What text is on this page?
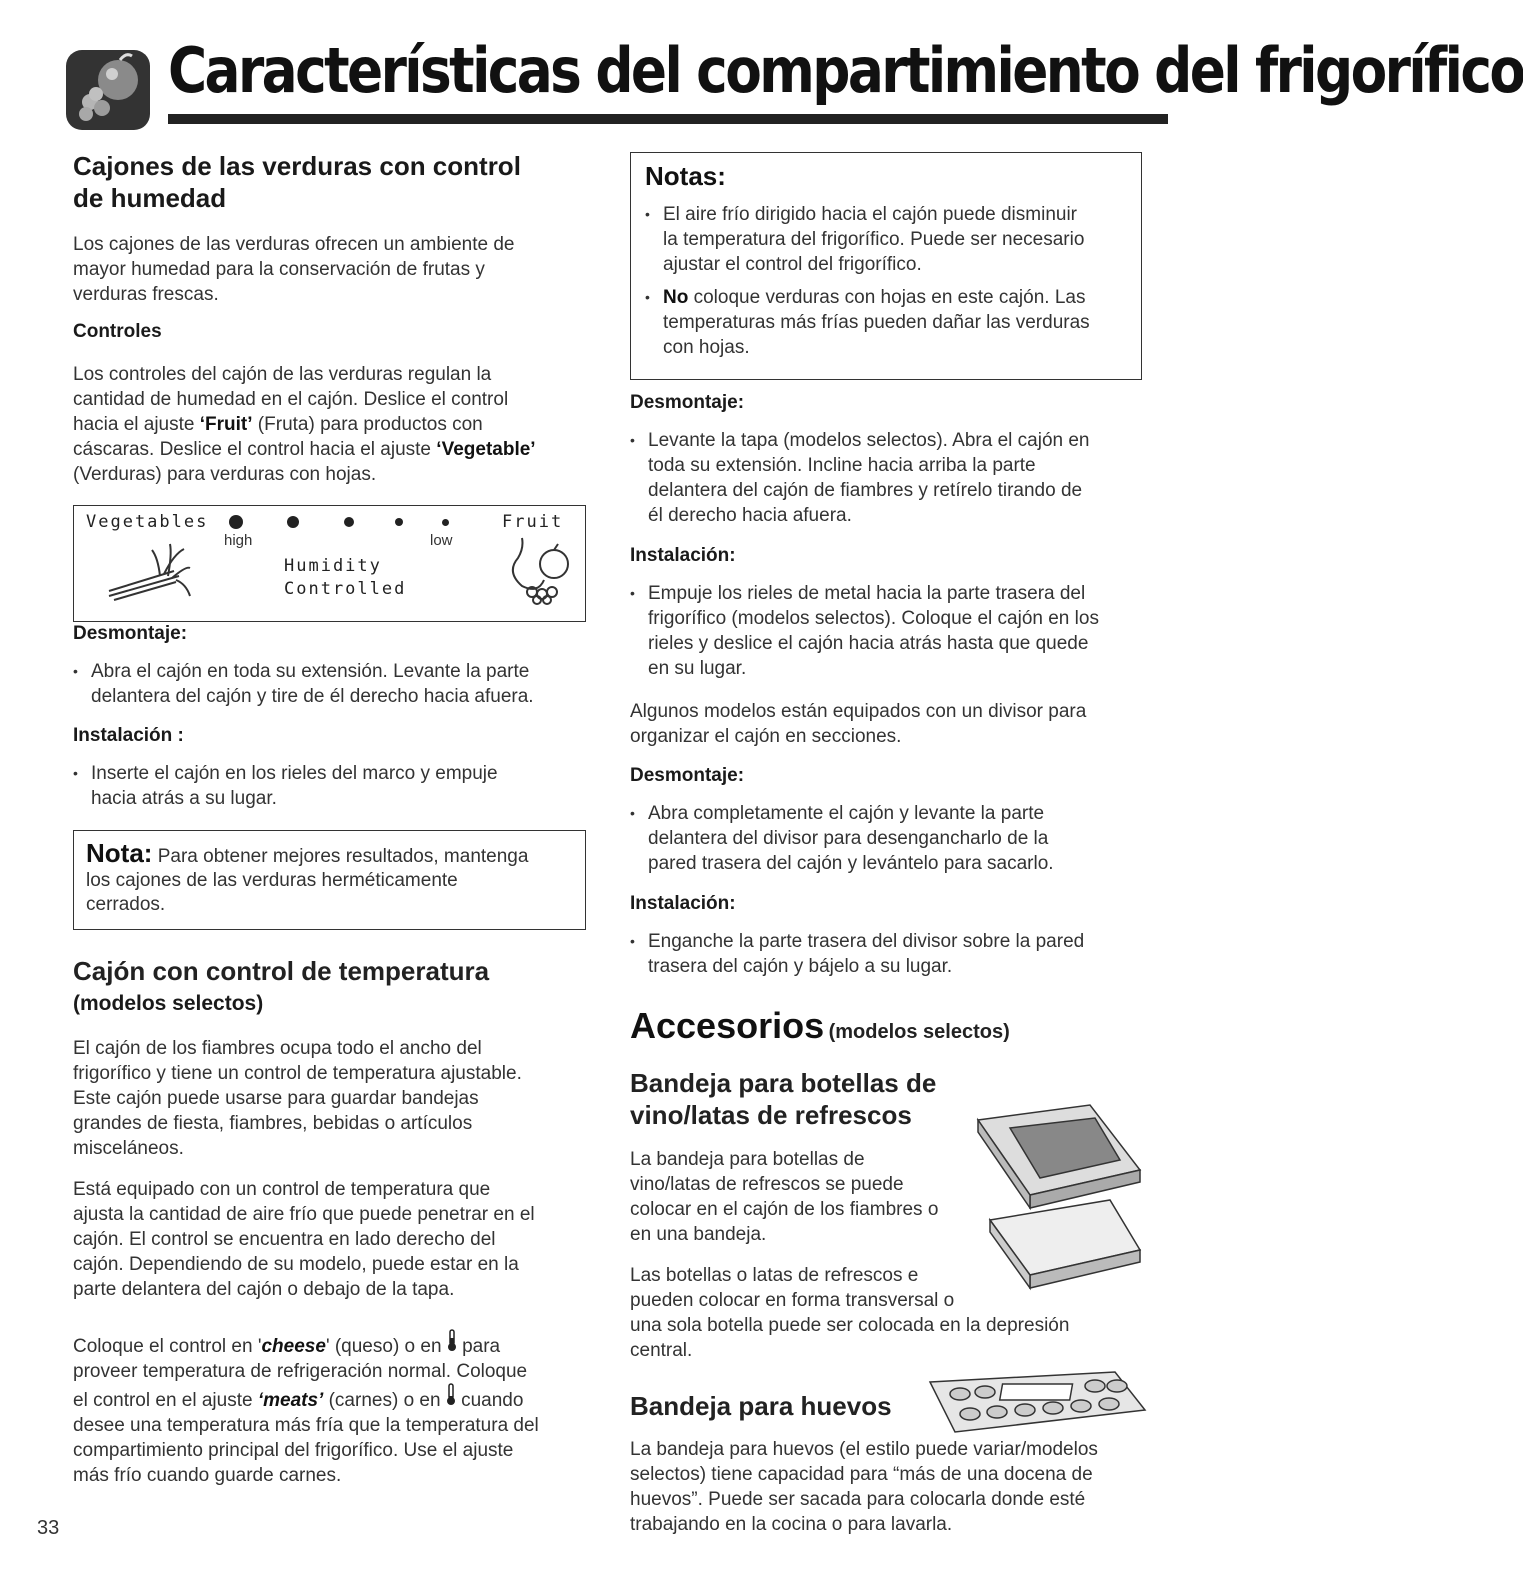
Características del compartimiento del frigorífico
Cajones de las verduras con control
de humedad
Los cajones de las verduras ofrecen un ambiente de
mayor humedad para la conservación de frutas y
verduras frescas.
Controles
Los controles del cajón de las verduras regulan la
cantidad de humedad en el cajón. Deslice el control
hacia el ajuste ‘Fruit’ (Fruta) para productos con
cáscaras. Deslice el control hacia el ajuste ‘Vegetable’
(Verduras) para verduras con hojas.
Vegetables	Fruit
high	low
Humidity
Controlled
Desmontaje:
• Abra el cajón en toda su extensión. Levante la parte
delantera del cajón y tire de él derecho hacia afuera.
Instalación :
• Inserte el cajón en los rieles del marco y empuje
hacia atrás a su lugar.
Nota: Para obtener mejores resultados, mantenga
los cajones de las verduras herméticamente
cerrados.
Cajón con control de temperatura
(modelos selectos)
El cajón de los fiambres ocupa todo el ancho del
frigorífico y tiene un control de temperatura ajustable.
Este cajón puede usarse para guardar bandejas
grandes de fiesta, fiambres, bebidas o artículos
misceláneos.
Está equipado con un control de temperatura que
ajusta la cantidad de aire frío que puede penetrar en el
cajón. El control se encuentra en lado derecho del
cajón. Dependiendo de su modelo, puede estar en la
parte delantera del cajón o debajo de la tapa.
Coloque el control en 'cheese' (queso) o en  para
proveer temperatura de refrigeración normal. Coloque
el control en el ajuste ‘meats’ (carnes) o en  cuando
desee una temperatura más fría que la temperatura del
compartimiento principal del frigorífico. Use el ajuste
más frío cuando guarde carnes.
33
Notas:
• El aire frío dirigido hacia el cajón puede disminuir
la temperatura del frigorífico. Puede ser necesario
ajustar el control del frigorífico.
• No coloque verduras con hojas en este cajón. Las
temperaturas más frías pueden dañar las verduras
con hojas.
Desmontaje:
• Levante la tapa (modelos selectos). Abra el cajón en
toda su extensión. Incline hacia arriba la parte
delantera del cajón de fiambres y retírelo tirando de
él derecho hacia afuera.
Instalación:
• Empuje los rieles de metal hacia la parte trasera del
frigorífico (modelos selectos). Coloque el cajón en los
rieles y deslice el cajón hacia atrás hasta que quede
en su lugar.
Algunos modelos están equipados con un divisor para
organizar el cajón en secciones.
Desmontaje:
• Abra completamente el cajón y levante la parte
delantera del divisor para desengancharlo de la
pared trasera del cajón y levántelo para sacarlo.
Instalación:
• Enganche la parte trasera del divisor sobre la pared
trasera del cajón y bájelo a su lugar.
Accesorios (modelos selectos)
Bandeja para botellas de
vino/latas de refrescos
La bandeja para botellas de
vino/latas de refrescos se puede
colocar en el cajón de los fiambres o
en una bandeja.
Las botellas o latas de refrescos e
pueden colocar en forma transversal o
una sola botella puede ser colocada en la depresión
central.
Bandeja para huevos
La bandeja para huevos (el estilo puede variar/modelos
selectos) tiene capacidad para “más de una docena de
huevos”. Puede ser sacada para colocarla donde esté
trabajando en la cocina o para lavarla.
